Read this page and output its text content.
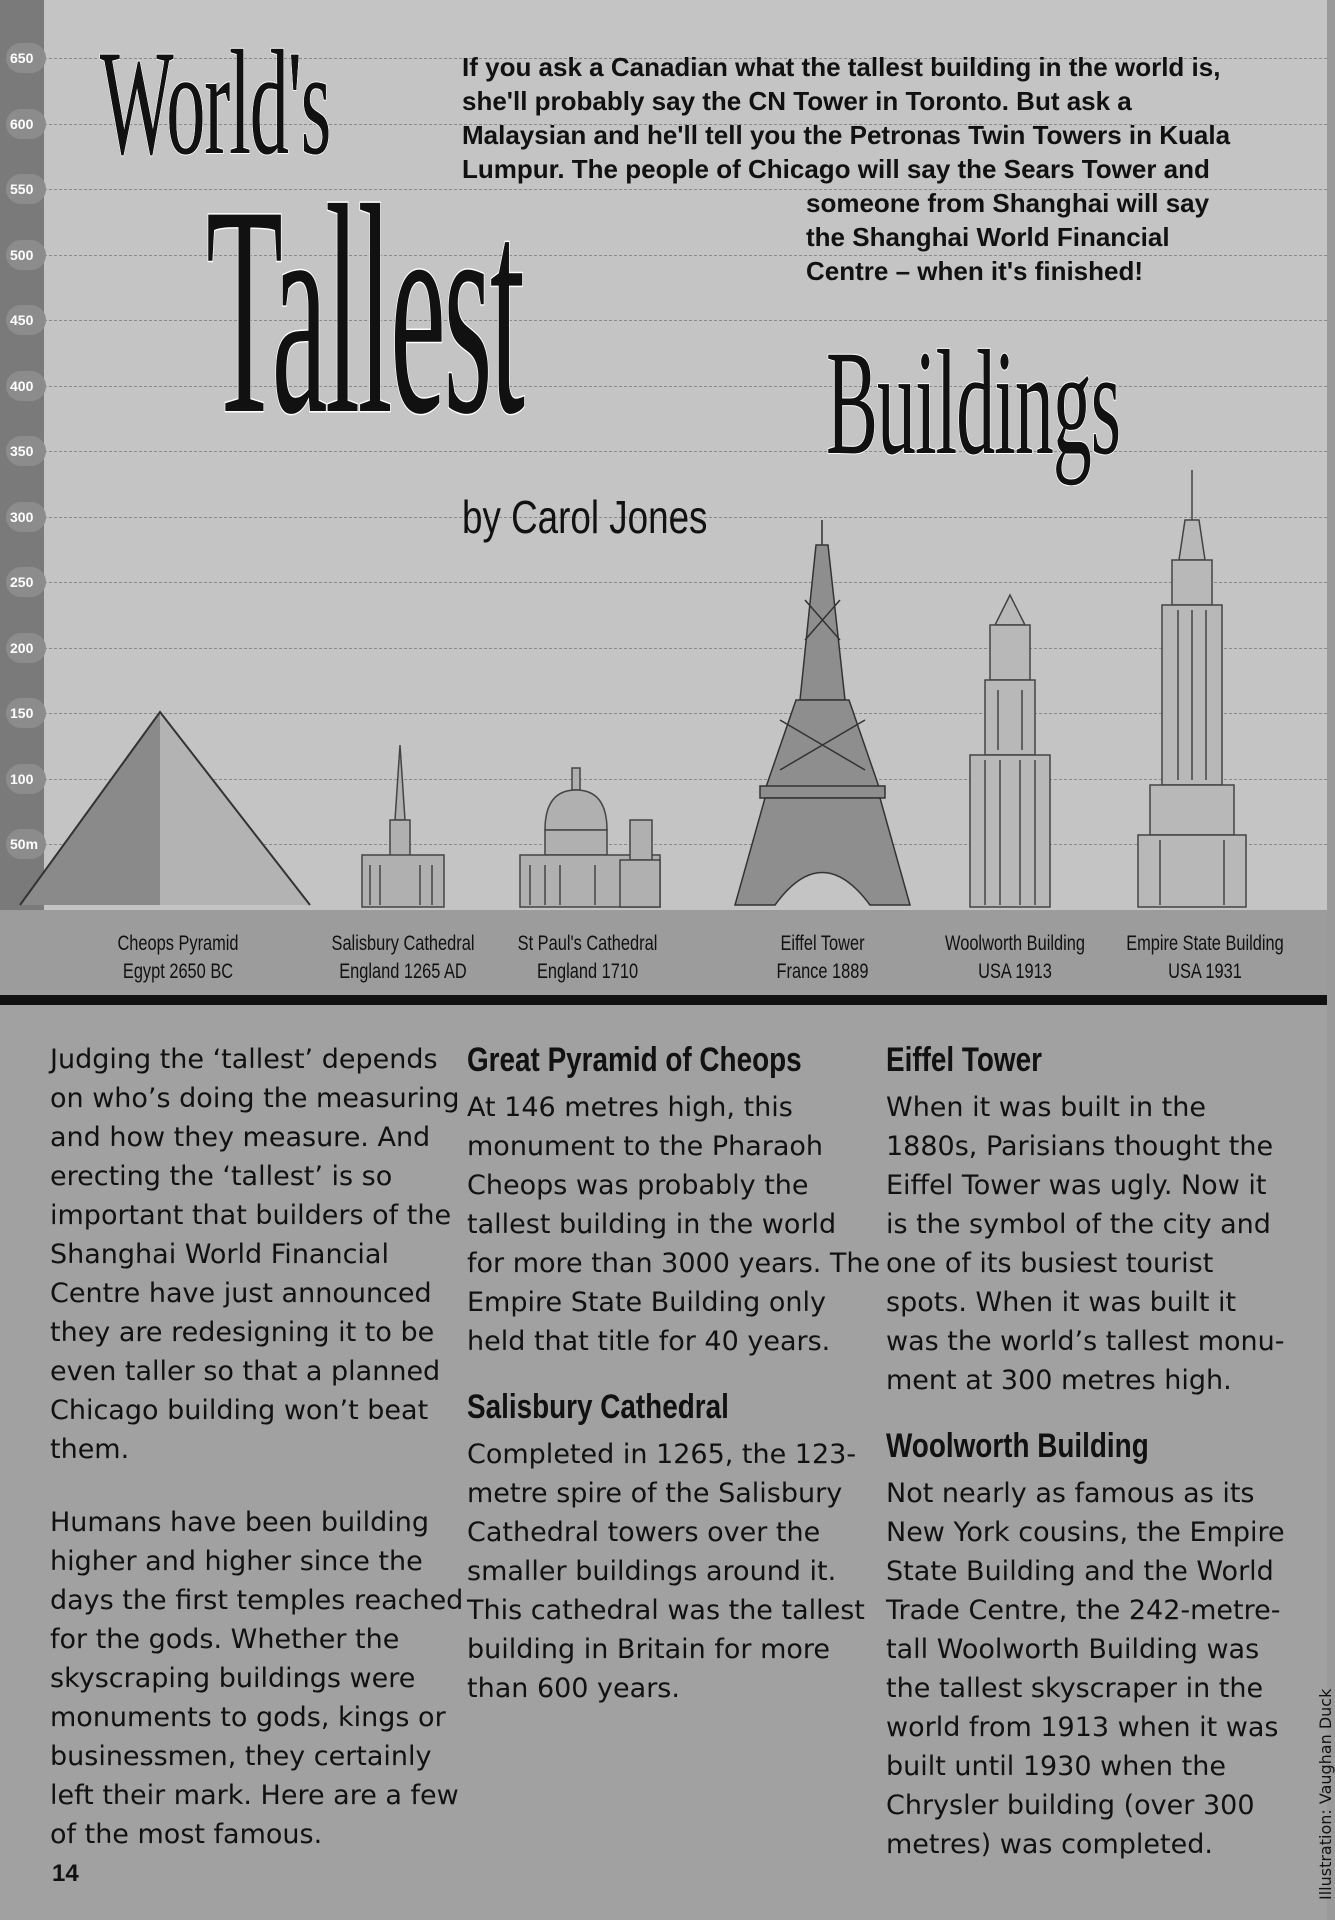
650
600
550
500
450
400
350
300
250
200
150
100
50m
World's
Tallest Buildings
If you ask a Canadian what the tallest building in the world is,
she'll probably say the CN Tower in Toronto. But ask a
Malaysian and he'll tell you the Petronas Twin Towers in Kuala
Lumpur. The people of Chicago will say the Sears Tower and
someone from Shanghai will say
the Shanghai World Financial
Centre – when it's finished!
by Carol Jones
Cheops Pyramid
Egypt 2650 BC
Salisbury Cathedral
England 1265 AD
St Paul's Cathedral
England 1710
Eiffel Tower
France 1889
Woolworth Building
USA 1913
Empire State Building
USA 1931

Judging the ‘tallest’ depends
on who’s doing the measuring
and how they measure. And
erecting the ‘tallest’ is so
important that builders of the
Shanghai World Financial
Centre have just announced
they are redesigning it to be
even taller so that a planned
Chicago building won’t beat
them.

Humans have been building
higher and higher since the
days the first temples reached
for the gods. Whether the
skyscraping buildings were
monuments to gods, kings or
businessmen, they certainly
left their mark. Here are a few
of the most famous.

Great Pyramid of Cheops

At 146 metres high, this
monument to the Pharaoh
Cheops was probably the
tallest building in the world
for more than 3000 years. The
Empire State Building only
held that title for 40 years.

Salisbury Cathedral

Completed in 1265, the 123-
metre spire of the Salisbury
Cathedral towers over the
smaller buildings around it.
This cathedral was the tallest
building in Britain for more
than 600 years.

Eiffel Tower

When it was built in the
1880s, Parisians thought the
Eiffel Tower was ugly. Now it
is the symbol of the city and
one of its busiest tourist
spots. When it was built it
was the world’s tallest monu-
ment at 300 metres high.

Woolworth Building

Not nearly as famous as its
New York cousins, the Empire
State Building and the World
Trade Centre, the 242-metre-
tall Woolworth Building was
the tallest skyscraper in the
world from 1913 when it was
built until 1930 when the
Chrysler building (over 300
metres) was completed.

14	Illustration: Vaughan Duck
